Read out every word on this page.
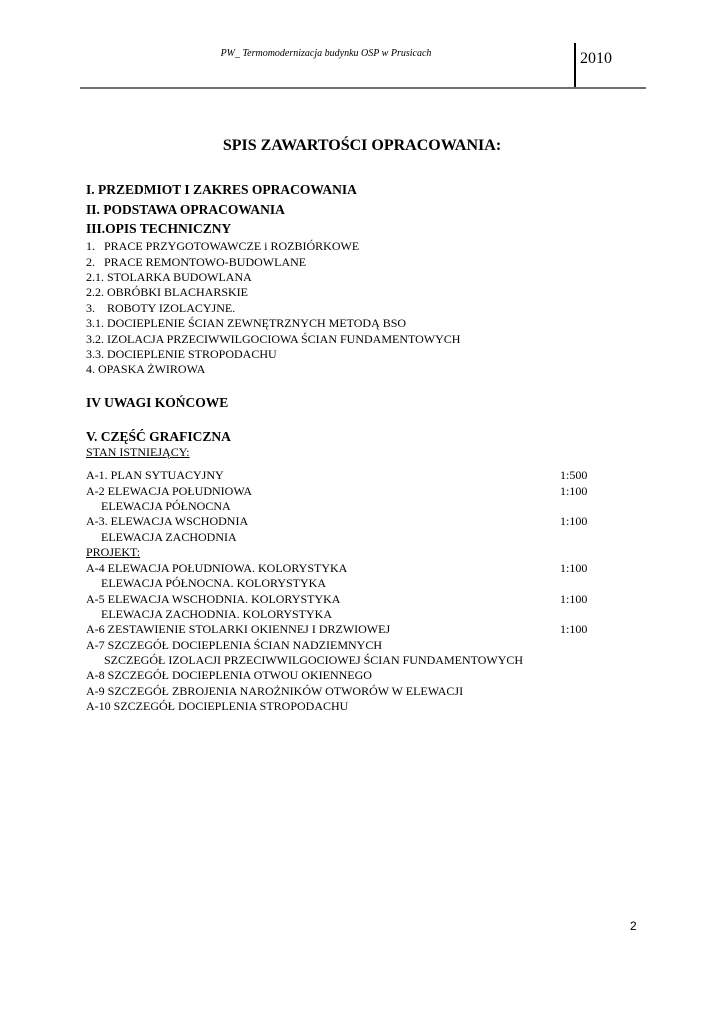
PW_ Termomodernizacja budynku OSP w Prusicach	2010
SPIS ZAWARTOŚCI OPRACOWANIA:
I. PRZEDMIOT I ZAKRES OPRACOWANIA
II. PODSTAWA OPRACOWANIA
III.OPIS TECHNICZNY
1.   PRACE PRZYGOTOWAWCZE i ROZBIÓRKOWE
2.   PRACE REMONTOWO-BUDOWLANE
2.1. STOLARKA BUDOWLANA
2.2. OBRÓBKI BLACHARSKIE
3.    ROBOTY IZOLACYJNE.
3.1. DOCIEPLENIE ŚCIAN ZEWNĘTRZNYCH METODĄ BSO
3.2. IZOLACJA PRZECIWWILGOCIOWA ŚCIAN FUNDAMENTOWYCH
3.3. DOCIEPLENIE STROPODACHU
4. OPASKA ŻWIROWA
IV UWAGI KOŃCOWE
V. CZĘŚĆ GRAFICZNA
STAN ISTNIEJĄCY:
A-1. PLAN SYTUACYJNY	1:500
A-2 ELEWACJA POŁUDNIOWA	1:100
ELEWACJA PÓŁNOCNA
A-3. ELEWACJA WSCHODNIA	1:100
ELEWACJA ZACHODNIA
PROJEKT:
A-4 ELEWACJA POŁUDNIOWA. KOLORYSTYKA	1:100
ELEWACJA PÓŁNOCNA. KOLORYSTYKA
A-5 ELEWACJA WSCHODNIA. KOLORYSTYKA	1:100
ELEWACJA ZACHODNIA. KOLORYSTYKA
A-6 ZESTAWIENIE STOLARKI OKIENNEJ I DRZWIOWEJ	1:100
A-7 SZCZEGÓŁ DOCIEPLENIA ŚCIAN NADZIEMNYCH
SZCZEGÓŁ IZOLACJI PRZECIWWILGOCIOWEJ ŚCIAN FUNDAMENTOWYCH
A-8 SZCZEGÓŁ DOCIEPLENIA OTWOU OKIENNEGO
A-9 SZCZEGÓŁ ZBROJENIA NAROŻNIKÓW OTWORÓW W ELEWACJI
A-10 SZCZEGÓŁ DOCIEPLENIA STROPODACHU
2
